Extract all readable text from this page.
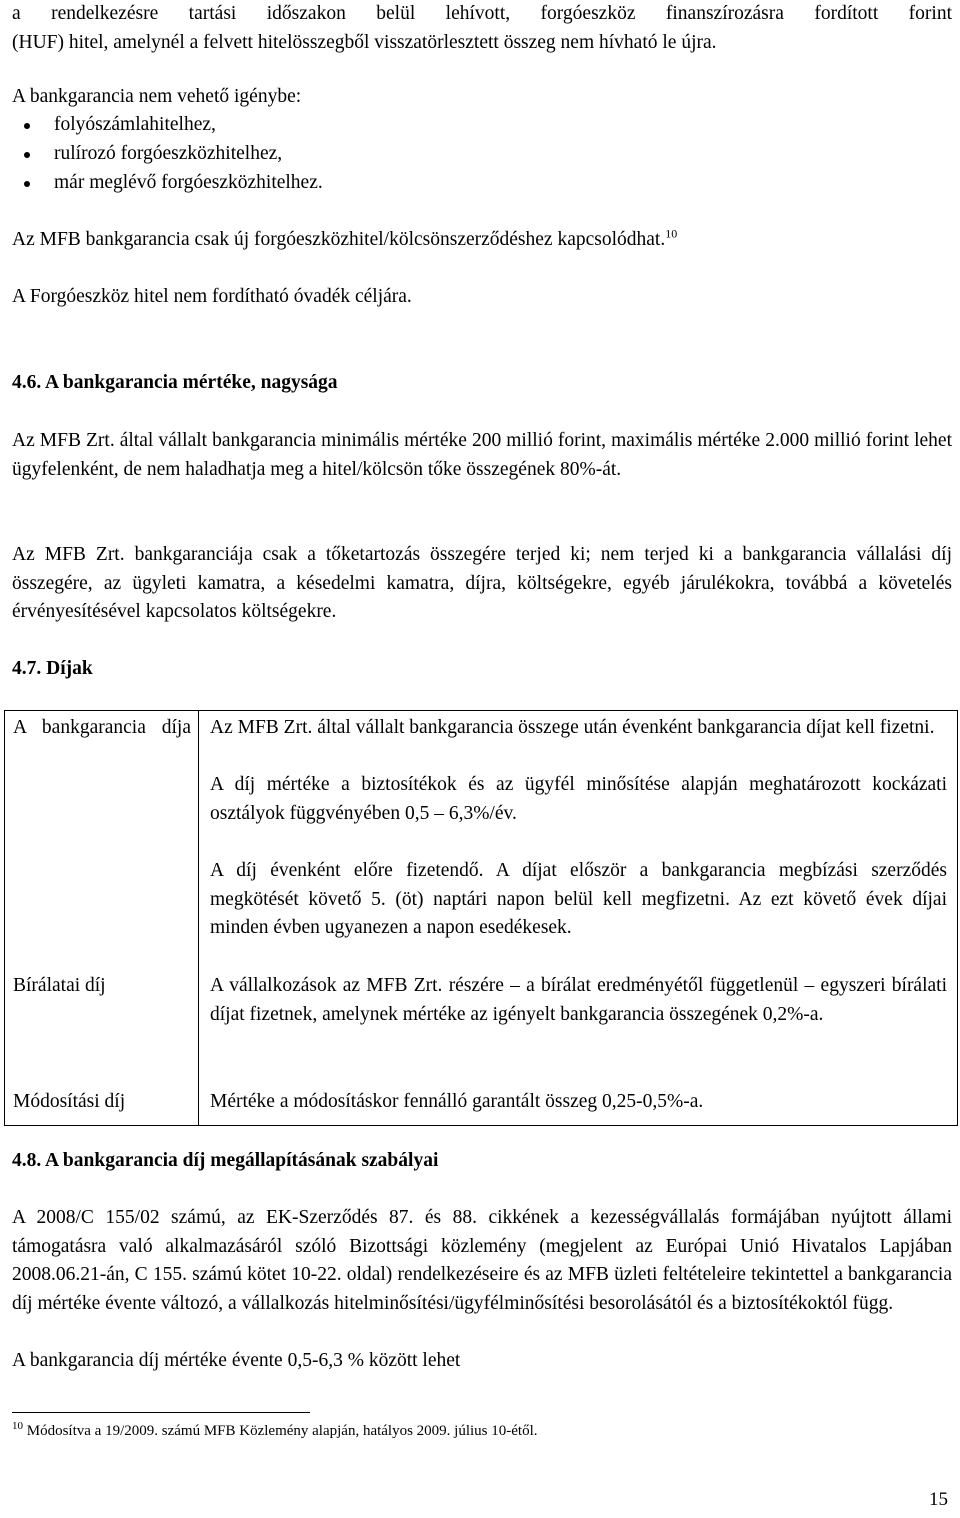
a rendelkezésre tartási időszakon belül lehívott, forgóeszköz finanszírozásra fordított forint

(HUF) hitel, amelynél a felvett hitelösszegből visszatörlesztett összeg nem hívható le újra.

A bankgarancia nem vehető igénybe:

folyószámlahitelhez,
rulírozó forgóeszközhitelhez,
már meglévő forgóeszközhitelhez.

Az MFB bankgarancia csak új forgóeszközhitel/kölcsönszerződéshez kapcsolódhat.$^{10}$

A Forgóeszköz hitel nem fordítható óvadék céljára.

4.6. A bankgarancia mértéke, nagysága

Az MFB Zrt. által vállalt bankgarancia minimális mértéke 200 millió forint, maximális mértéke 2.000 millió forint lehet ügyfelenként, de nem haladhatja meg a hitel/kölcsön tőke összegének 80%-át.

Az MFB Zrt. bankgaranciája csak a tőketartozás összegére terjed ki; nem terjed ki a bankgarancia vállalási díj összegére, az ügyleti kamatra, a késedelmi kamatra, díjra, költségekre, egyéb járulékokra, továbbá a követelés érvényesítésével kapcsolatos költségekre.

4.7. Díjak

A bankgarancia díja Az MFB Zrt. által vállalt bankgarancia összege után évenként bankgarancia díjat kell fizetni.
A díj mértéke a biztosítékok és az ügyfél minősítése alapján meghatározott kockázati osztályok függvényében 0,5 – 6,3%/év.
A díj évenként előre fizetendő. A díjat először a bankgarancia megbízási szerződés megkötését követő 5. (öt) naptári napon belül kell megfizetni. Az ezt követő évek díjai minden évben ugyanezen a napon esedékesek.
Bírálatai díj	A vállalkozások az MFB Zrt. részére – a bírálat eredményétől függetlenül – egyszeri bírálati díjat fizetnek, amelynek mértéke az igényelt bankgarancia összegének 0,2%-a.
Módosítási díj	Mértéke a módosításkor fennálló garantált összeg 0,25-0,5%-a.

4.8. A bankgarancia díj megállapításának szabályai

A 2008/C 155/02 számú, az EK-Szerződés 87. és 88. cikkének a kezességvállalás formájában nyújtott állami támogatásra való alkalmazásáról szóló Bizottsági közlemény (megjelent az Európai Unió Hivatalos Lapjában 2008.06.21-án, C 155. számú kötet 10-22. oldal) rendelkezéseire és az MFB üzleti feltételeire tekintettel a bankgarancia díj mértéke évente változó, a vállalkozás hitelminősítési/ügyfélminősítési besorolásától és a biztosítékoktól függ.

A bankgarancia díj mértéke évente 0,5-6,3 % között lehet

$^{10}$ Módosítva a 19/2009. számú MFB Közlemény alapján, hatályos 2009. július 10-étől.
15
